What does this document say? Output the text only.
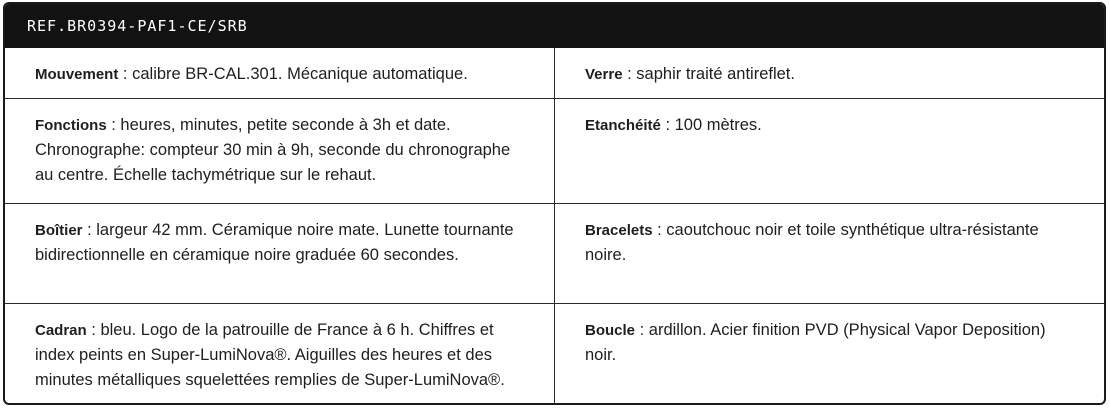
REF.BR0394-PAF1-CE/SRB
Mouvement : calibre BR-CAL.301. Mécanique automatique.	Verre : saphir traité antireflet.
Fonctions : heures, minutes, petite seconde à 3h et date. Chronographe: compteur 30 min à 9h, seconde du chronographe au centre. Échelle tachymétrique sur le rehaut.
Etanchéité : 100 mètres.
Boîtier : largeur 42 mm. Céramique noire mate. Lunette tournante bidirectionnelle en céramique noire graduée 60 secondes.
Bracelets : caoutchouc noir et toile synthétique ultra-résistante noire.
Cadran : bleu. Logo de la patrouille de France à 6 h. Chiffres et index peints en Super-LumiNova®. Aiguilles des heures et des minutes métalliques squelettées remplies de Super-LumiNova®.
Boucle : ardillon. Acier finition PVD (Physical Vapor Deposition) noir.
